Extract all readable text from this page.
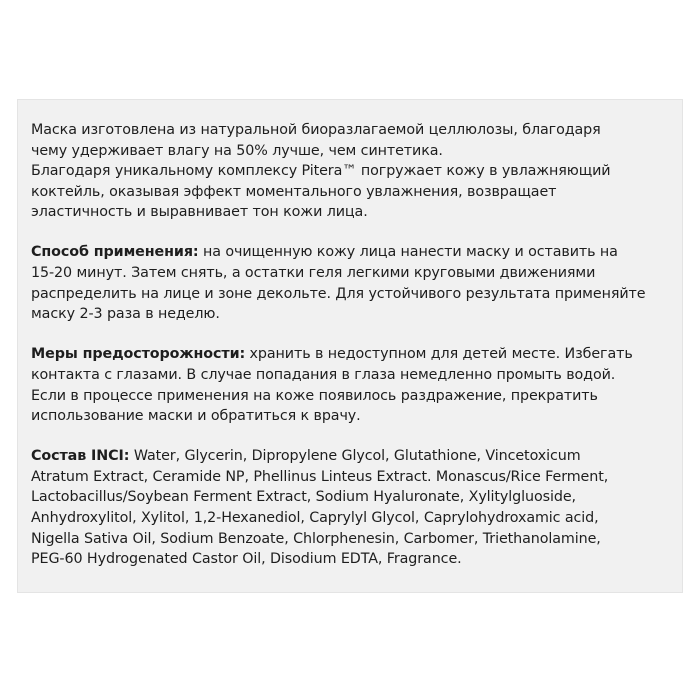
Маска изготовлена из натуральной биоразлагаемой целлюлозы, благодаря
чему удерживает влагу на 50% лучше, чем синтетика.
Благодаря уникальному комплексу Pitera™ погружает кожу в увлажняющий
коктейль, оказывая эффект моментального увлажнения, возвращает
эластичность и выравнивает тон кожи лица.

Способ применения: на очищенную кожу лица нанести маску и оставить на
15-20 минут. Затем снять, а остатки геля легкими круговыми движениями
распределить на лице и зоне декольте. Для устойчивого результата применяйте
маску 2-3 раза в неделю.

Меры предосторожности: хранить в недоступном для детей месте. Избегать
контакта с глазами. В случае попадания в глаза немедленно промыть водой.
Если в процессе применения на коже появилось раздражение, прекратить
использование маски и обратиться к врачу.

Состав INCI: Water, Glycerin, Dipropylene Glycol, Glutathione, Vincetoxicum
Atratum Extract, Ceramide NP, Phellinus Linteus Extract. Monascus/Rice Ferment,
Lactobacillus/Soybean Ferment Extract, Sodium Hyaluronate, Xylitylgluoside,
Anhydroxylitol, Xylitol, 1,2-Hexanediol, Caprylyl Glycol, Caprylohydroxamic acid,
Nigella Sativa Oil, Sodium Benzoate, Chlorphenesin, Carbomer, Triethanolamine,
PEG-60 Hydrogenated Castor Oil, Disodium EDTA, Fragrance.
